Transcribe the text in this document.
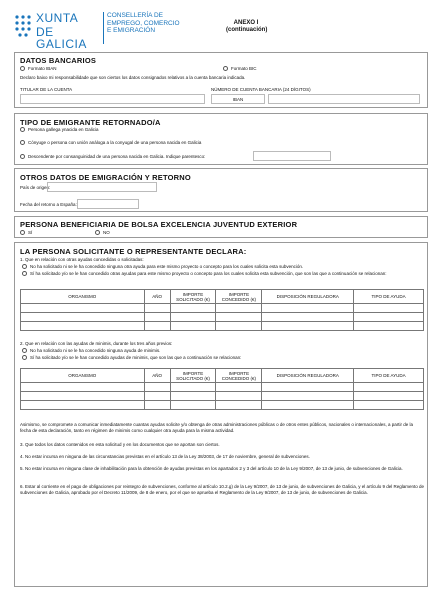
XUNTA
DE GALICIA
CONSELLERÍA DE
EMPREGO, COMERCIO
E EMIGRACIÓN
ANEXO I
(continuación)
DATOS BANCARIOS
Formato IBAN	Formato BIC
Declaro baixo mi responsabilidade que son ciertos los datos consignados relativos a la cuenta bancaria indicada.
TITULAR DE LA CUENTA	NÚMERO DE CUENTA BANCARIA (24 DÍGITOS)
IBAN
TIPO DE EMIGRANTE RETORNADO/A
Persona gallega ynacida en Galicia
Cónyuge o persona con unión análoga a la conyugal de una persona nacida en Galicia
Descendente por consanguinidad de una persona nacida en Galicia. Indique parentesco:
OTROS DATOS DE EMIGRACIÓN Y RETORNO
País de origen:
Fecha del retorno a España:
PERSONA BENEFICIARIA DE BOLSA EXCELENCIA JUVENTUD EXTERIOR
SÍ	NO
LA PERSONA SOLICITANTE O REPRESENTANTE DECLARA:
1. Que en relación con otras ayudas concedidas o solicitadas:
No ha solicitado ni se le ha concedido ninguna otra ayuda para este mismo proyecto o concepto para los cuales solicita esta subvención.
Sí ha solicitado y/o se le han concedido otras ayudas para este mismo proyecto o concepto para los cuales solicita esta subvención, que son las que a continuación se relacionan:
ORGANISMO	AÑO	IMPORTE SOLICITADO (€)	IMPORTE CONCEDIDO (€)	DISPOSICIÓN REGULADORA	TIPO DE AYUDA

2. Que en relación con las ayudas de minimis, durante los tres años previos:
No ha solicitado ni se le ha concedido ninguna ayuda de minimis.
Sí ha solicitado y/o se le han concedido ayudas de minimis, que son las que a continuación se relacionan:
ORGANISMO	AÑO	IMPORTE SOLICITADO (€)	IMPORTE CONCEDIDO (€)	DISPOSICIÓN REGULADORA	TIPO DE AYUDA

Asimismo, se compromete a comunicar inmediatamente cuantas ayudas solicite y/o obtenga de otras administraciones públicas o de otros entes públicos, nacionales o internacionales, a partir de la fecha de esta declaración, tanto en régimen de minimis como cualquier otra ayuda para la misma actividad.
3. Que todos los datos contenidos en esta solicitud y en los documentos que se aportan son ciertos.
4. No estar incursa en ninguna de las circunstancias previstas en el artículo 13 de la Ley 38/2003, de 17 de noviembre, general de subvenciones.
5. No estar incursa en ninguna clase de inhabilitación para la obtención de ayudas previstas en los apartados 2 y 3 del artículo 10 de la Ley 9/2007, de 13 de junio, de subvenciones de Galicia.
6. Estar al corriente en el pago de obligaciones por reintegro de subvenciones, conforme al artículo 10.2.g) de la Ley 9/2007, de 13 de junio, de subvenciones de Galicia, y el artículo 9 del Reglamento de subvenciones de Galicia, aprobado por el Decreto 11/2009, de 8 de enero, por el que se aprueba el Reglamento de la Ley 9/2007, de 13 de junio, de subvenciones de Galicia.
